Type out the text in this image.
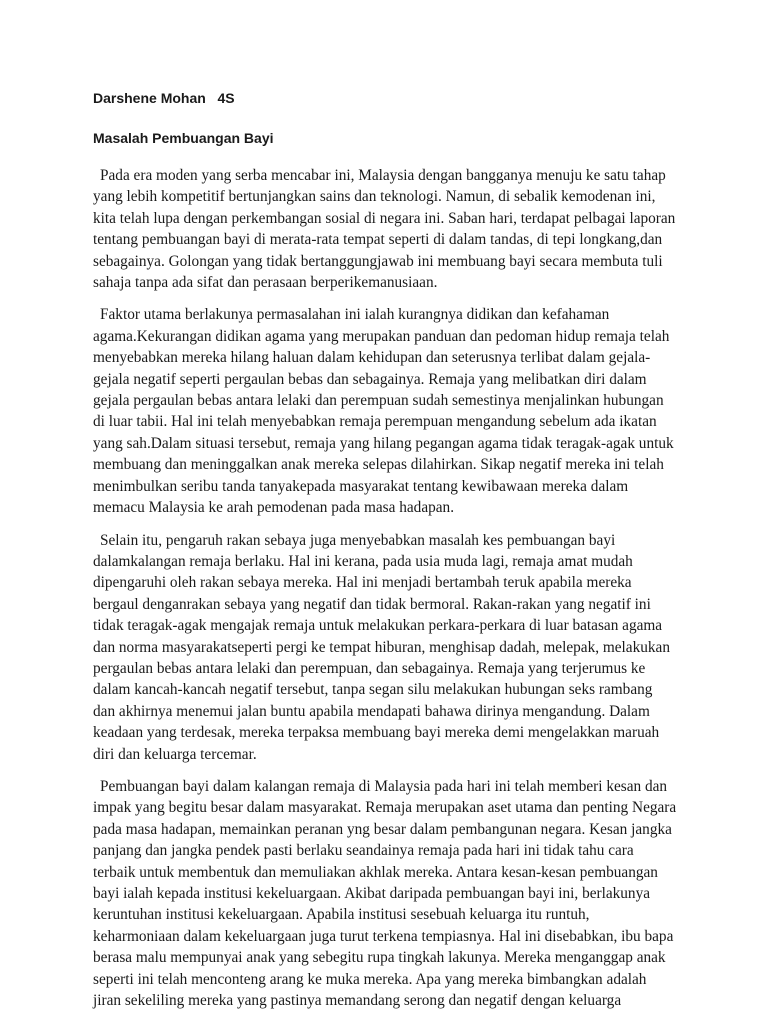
Darshene Mohan   4S
Masalah Pembuangan Bayi

Pada era moden yang serba mencabar ini, Malaysia dengan bangganya menuju ke satu tahap yang lebih kompetitif bertunjangkan sains dan teknologi. Namun, di sebalik kemodenan ini, kita telah lupa dengan perkembangan sosial di negara ini. Saban hari, terdapat pelbagai laporan tentang pembuangan bayi di merata-rata tempat seperti di dalam tandas, di tepi longkang,dan sebagainya. Golongan yang tidak bertanggungjawab ini membuang bayi secara membuta tuli sahaja tanpa ada sifat dan perasaan berperikemanusiaan.

Faktor utama berlakunya permasalahan ini ialah kurangnya didikan dan kefahaman agama.Kekurangan didikan agama yang merupakan panduan dan pedoman hidup remaja telah menyebabkan mereka hilang haluan dalam kehidupan dan seterusnya terlibat dalam gejala-gejala negatif seperti pergaulan bebas dan sebagainya. Remaja yang melibatkan diri dalam gejala pergaulan bebas antara lelaki dan perempuan sudah semestinya menjalinkan hubungan di luar tabii. Hal ini telah menyebabkan remaja perempuan mengandung sebelum ada ikatan yang sah.Dalam situasi tersebut, remaja yang hilang pegangan agama tidak teragak-agak untuk membuang dan meninggalkan anak mereka selepas dilahirkan. Sikap negatif mereka ini telah menimbulkan seribu tanda tanyakepada masyarakat tentang kewibawaan mereka dalam memacu Malaysia ke arah pemodenan pada masa hadapan.

Selain itu, pengaruh rakan sebaya juga menyebabkan masalah kes pembuangan bayi dalamkalangan remaja berlaku. Hal ini kerana, pada usia muda lagi, remaja amat mudah dipengaruhi oleh rakan sebaya mereka. Hal ini menjadi bertambah teruk apabila mereka bergaul denganrakan sebaya yang negatif dan tidak bermoral. Rakan-rakan yang negatif ini tidak teragak-agak mengajak remaja untuk melakukan perkara-perkara di luar batasan agama dan norma masyarakatseperti pergi ke tempat hiburan, menghisap dadah, melepak, melakukan pergaulan bebas antara lelaki dan perempuan, dan sebagainya. Remaja yang terjerumus ke dalam kancah-kancah negatif tersebut, tanpa segan silu melakukan hubungan seks rambang dan akhirnya menemui jalan buntu apabila mendapati bahawa dirinya mengandung. Dalam keadaan yang terdesak, mereka terpaksa membuang bayi mereka demi mengelakkan maruah diri dan keluarga tercemar.

Pembuangan bayi dalam kalangan remaja di Malaysia pada hari ini telah memberi kesan dan impak yang begitu besar dalam masyarakat. Remaja merupakan aset utama dan penting Negara pada masa hadapan, memainkan peranan yng besar dalam pembangunan negara. Kesan jangka panjang dan jangka pendek pasti berlaku seandainya remaja pada hari ini tidak tahu cara terbaik untuk membentuk dan memuliakan akhlak mereka. Antara kesan-kesan pembuangan bayi ialah kepada institusi kekeluargaan. Akibat daripada pembuangan bayi ini, berlakunya keruntuhan institusi kekeluargaan. Apabila institusi sesebuah keluarga itu runtuh, keharmoniaan dalam kekeluargaan juga turut terkena tempiasnya. Hal ini disebabkan, ibu bapa berasa malu mempunyai anak yang sebegitu rupa tingkah lakunya. Mereka menganggap anak seperti ini telah menconteng arang ke muka mereka. Apa yang mereka bimbangkan adalah jiran sekeliling mereka yang pastinya memandang serong dan negatif dengan keluarga
